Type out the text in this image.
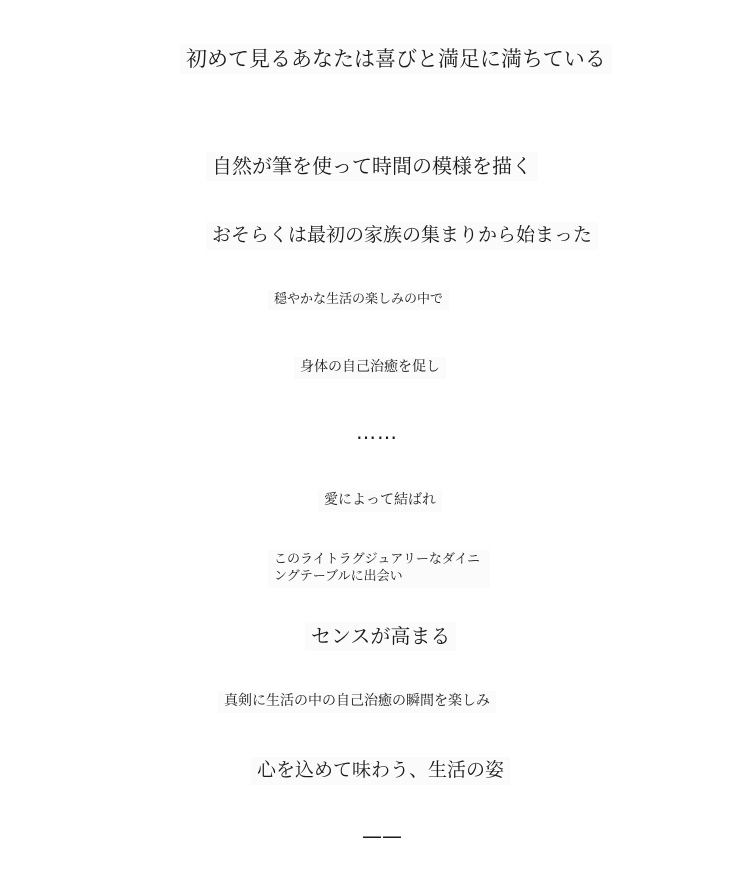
初めて見るあなたは喜びと満足に満ちている
自然が筆を使って時間の模様を描く
おそらくは最初の家族の集まりから始まった
穏やかな生活の楽しみの中で
身体の自己治癒を促し
……
愛によって結ばれ
このライトラグジュアリーなダイニングテーブルに出会い
センスが高まる
真剣に生活の中の自己治癒の瞬間を楽しみ
心を込めて味わう、生活の姿
——
